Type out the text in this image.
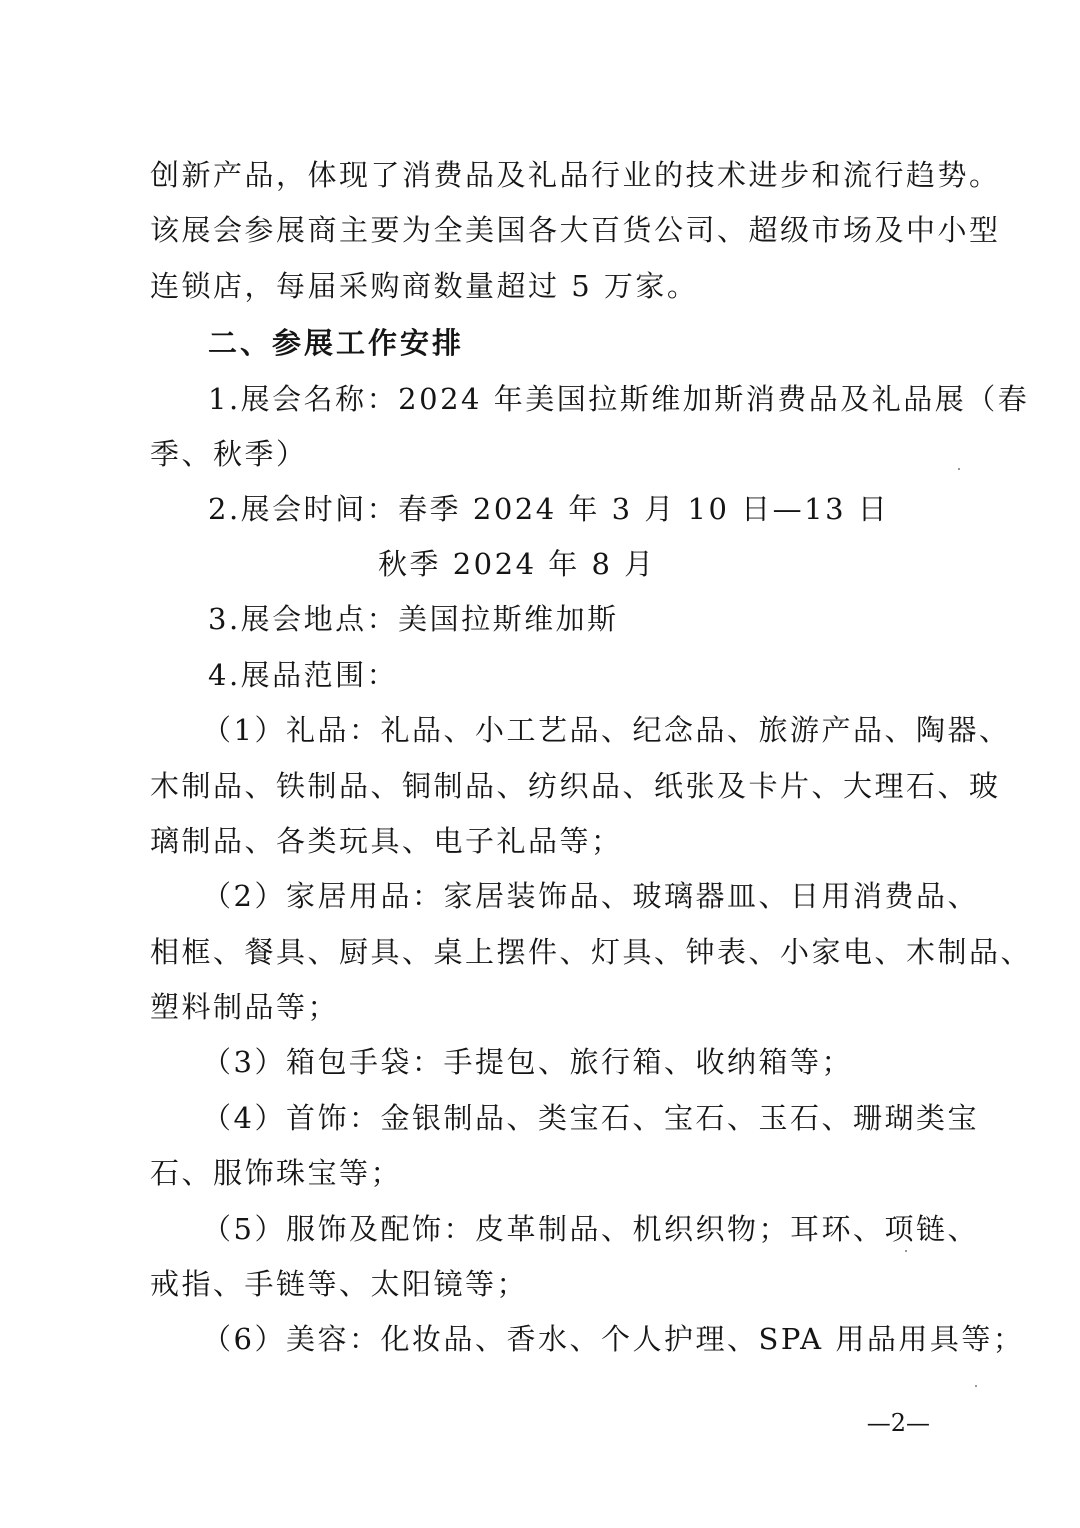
创新产品，体现了消费品及礼品行业的技术进步和流行趋势。
该展会参展商主要为全美国各大百货公司、超级市场及中小型
连锁店，每届采购商数量超过 5 万家。
二、参展工作安排
1.展会名称：2024 年美国拉斯维加斯消费品及礼品展（春
季、秋季）
2.展会时间：春季 2024 年 3 月 10 日—13 日
秋季 2024 年 8 月
3.展会地点：美国拉斯维加斯
4.展品范围：
（1）礼品：礼品、小工艺品、纪念品、旅游产品、陶器、
木制品、铁制品、铜制品、纺织品、纸张及卡片、大理石、玻
璃制品、各类玩具、电子礼品等；
（2）家居用品：家居装饰品、玻璃器皿、日用消费品、
相框、餐具、厨具、桌上摆件、灯具、钟表、小家电、木制品、
塑料制品等；
（3）箱包手袋：手提包、旅行箱、收纳箱等；
（4）首饰：金银制品、类宝石、宝石、玉石、珊瑚类宝
石、服饰珠宝等；
（5）服饰及配饰：皮革制品、机织织物；耳环、项链、
戒指、手链等、太阳镜等；
（6）美容：化妆品、香水、个人护理、SPA 用品用具等；
—2—
